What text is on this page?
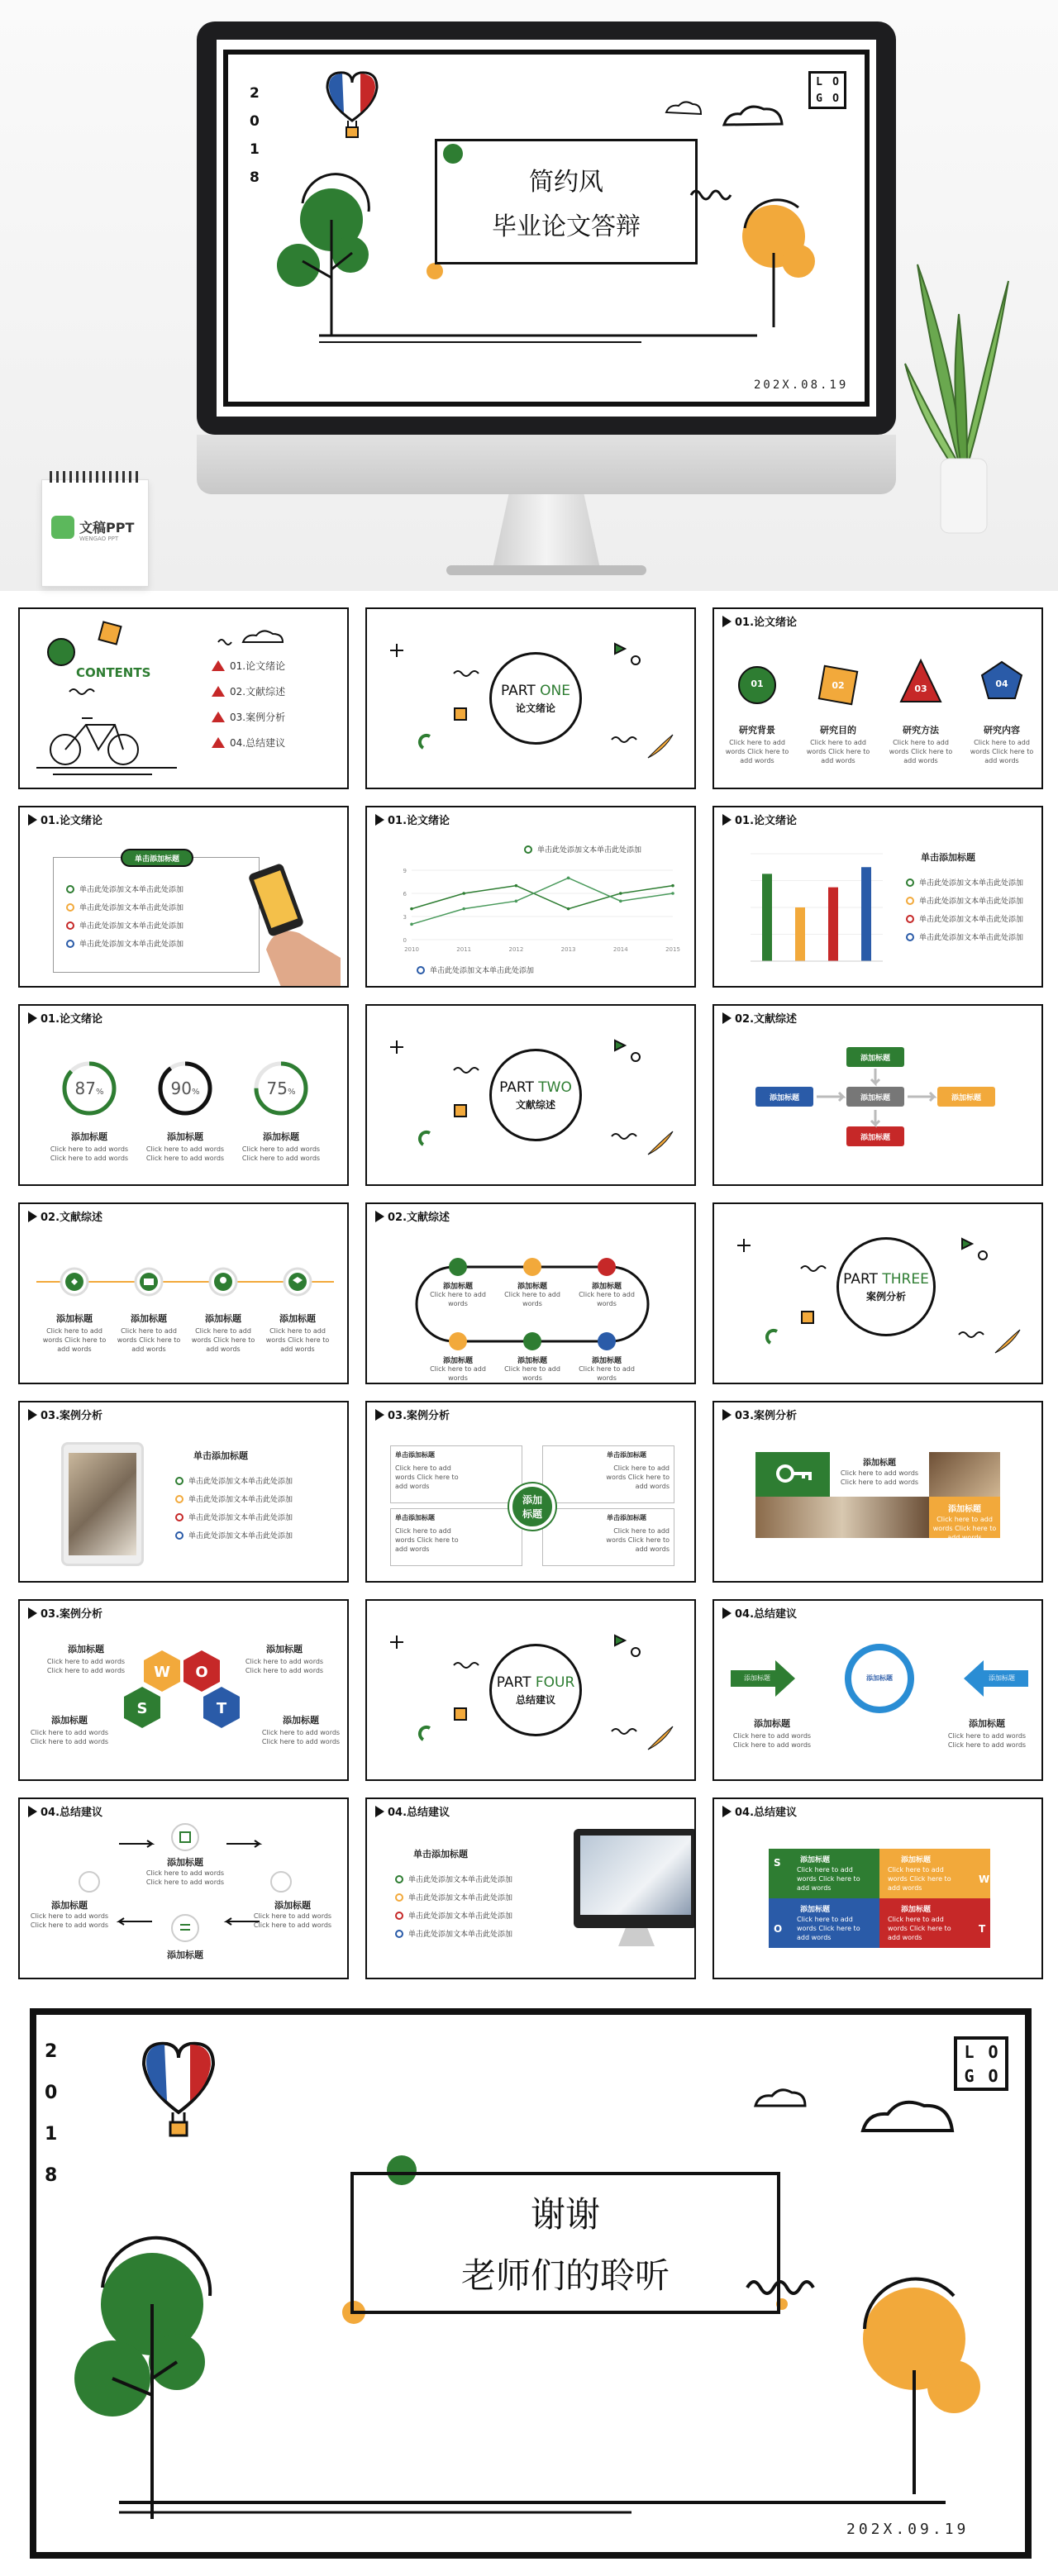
2
0
1
8
L O
G O
简约风
毕业论文答辩
202X.08.19
文稿PPT
WENGAO PPT
CONTENTS	01.论文绪论
02.文献综述
03.案例分析
04.总结建议
PART ONE
论文绪论
01.论文绪论
01	02	03	04
研究背景	研究目的	研究方法	研究内容
Click here to add words Click here to add words
Click here to add words Click here to add words
Click here to add words Click here to add words
Click here to add words Click here to add words
01.论文绪论
单击添加标题
单击此处添加文本单击此处添加
单击此处添加文本单击此处添加
单击此处添加文本单击此处添加
单击此处添加文本单击此处添加
01.论文绪论
单击此处添加文本单击此处添加
0
3
6
9
2010	2011	2012	2013	2014	2015
单击此处添加文本单击此处添加
01.论文绪论
单击添加标题
单击此处添加文本单击此处添加
单击此处添加文本单击此处添加
单击此处添加文本单击此处添加
单击此处添加文本单击此处添加
01.论文绪论
87%	90%	75%
添加标题	添加标题	添加标题
Click here to add words Click here to add words
Click here to add words Click here to add words
Click here to add words Click here to add words
PART TWO
文献综述
02.文献综述
添加标题
添加标题
添加标题	添加标题
添加标题
02.文献综述
添加标题	添加标题	添加标题	添加标题
Click here to add words Click here to add words
Click here to add words Click here to add words
Click here to add words Click here to add words
Click here to add words Click here to add words
02.文献综述
添加标题	添加标题	添加标题
Click here to add words
Click here to add words
Click here to add words
添加标题	添加标题	添加标题
Click here to add words
Click here to add words
Click here to add words
PART THREE
案例分析
03.案例分析
单击添加标题
单击此处添加文本单击此处添加
单击此处添加文本单击此处添加
单击此处添加文本单击此处添加
单击此处添加文本单击此处添加
03.案例分析
单击添加标题	单击添加标题
单击添加标题	单击添加标题
Click here to add words Click here to add words
Click here to add words Click here to add words
Click here to add words Click here to add words
Click here to add words Click here to add words
添加
标题
03.案例分析
添加标题
Click here to add words Click here to add words
添加标题
Click here to add words Click here to add words
03.案例分析
W O
S	T
添加标题
Click here to add words Click here to add words
添加标题
Click here to add words Click here to add words
添加标题
Click here to add words Click here to add words
添加标题
Click here to add words Click here to add words
PART FOUR
总结建议
04.总结建议
添加标题	添加标题	添加标题
添加标题
Click here to add words Click here to add words
添加标题
Click here to add words Click here to add words
04.总结建议
添加标题
Click here to add words Click here to add words
添加标题
Click here to add words Click here to add words
添加标题
添加标题
Click here to add words Click here to add words
04.总结建议
单击添加标题
单击此处添加文本单击此处添加
单击此处添加文本单击此处添加
单击此处添加文本单击此处添加
单击此处添加文本单击此处添加
04.总结建议
S
W
O	T
添加标题
Click here to add words Click here to add words
添加标题
Click here to add words Click here to add words
添加标题
Click here to add words Click here to add words
添加标题
Click here to add words Click here to add words
2
0
1
8
L O
G O
谢谢
老师们的聆听
202X.09.19
